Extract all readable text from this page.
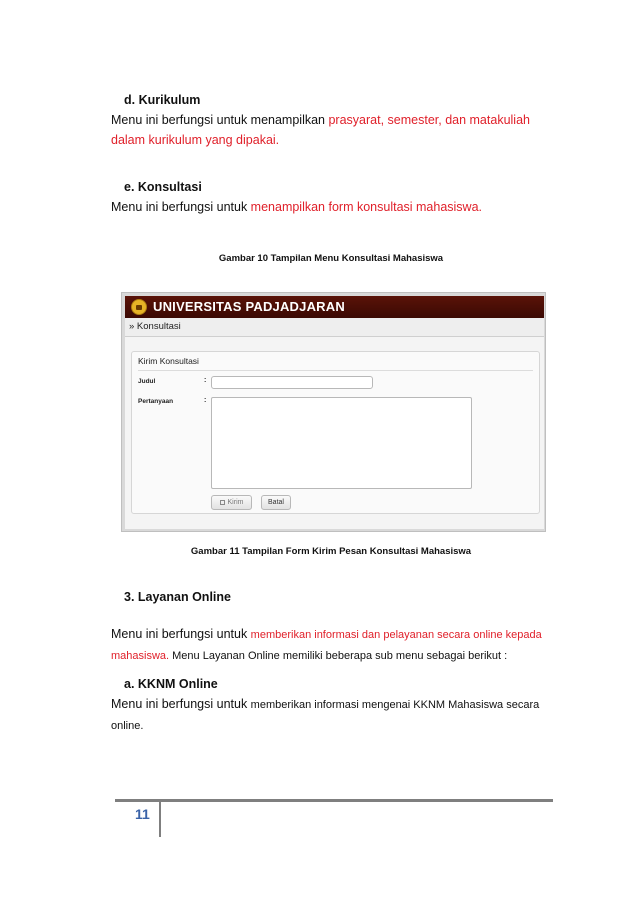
d. Kurikulum
Menu ini berfungsi untuk menampilkan prasyarat, semester, dan matakuliah
dalam kurikulum yang dipakai.
e. Konsultasi
Menu ini berfungsi untuk menampilkan form konsultasi mahasiswa.
Gambar 10 Tampilan Menu Konsultasi Mahasiswa
UNIVERSITAS PADJADJARAN
» Konsultasi
Kirim Konsultasi
Judul	:
Pertanyaan	:
Kirim	Batal
Gambar 11 Tampilan Form Kirim Pesan Konsultasi Mahasiswa
3. Layanan Online
Menu ini berfungsi untuk memberikan informasi dan pelayanan secara online kepada
mahasiswa. Menu Layanan Online memiliki beberapa sub menu sebagai berikut :
a. KKNM Online
Menu ini berfungsi untuk memberikan informasi mengenai KKNM Mahasiswa secara
online.
11
